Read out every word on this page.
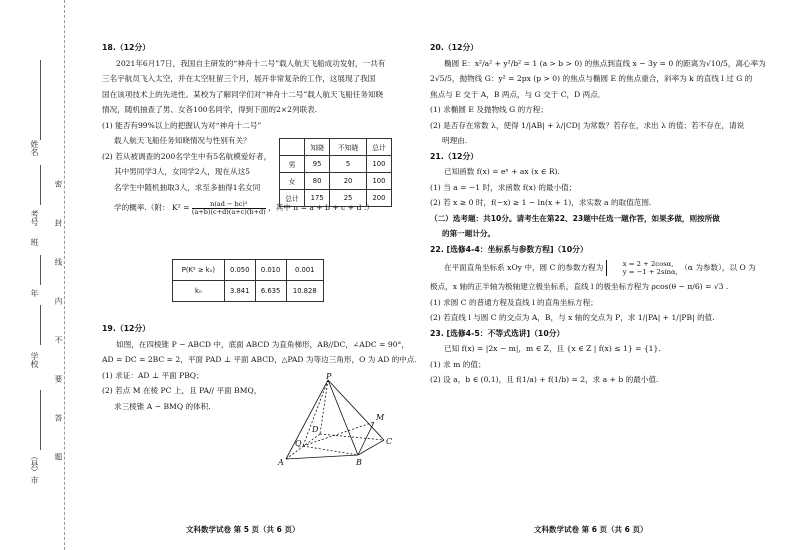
姓名
考号
班
年
学校
（县）市 密　封　线　内　不　要　答　题

18.（12分）

2021年6月17日，我国自主研发的“神舟十二号”载人航天飞船成功发射，一共有

三名宇航员飞入太空，并在太空驻留三个月，展开非常复杂的工作，这展现了我国

国在该项技术上的先进性。某校为了解同学们对“神舟十二号”载人航天飞船任务知晓

情况，随机抽查了男、女各100名同学，得到下面的2×2列联表.

(1) 能否有99%以上的把握认为对“神舟十二号”

载人航天飞船任务知晓情况与性别有关？

(2) 若从被调查的200名学生中有5名航模爱好者，

其中男同学3人，女同学2人，现在从这5

名学生中随机抽取3人，求至多抽得1名女同

学的概率.（附： $K^2 = \frac{\text{n(ad − bc)²}}{(a+b)(c+d)(a+c)(b+d)}$ ，其中 n = a + b + c + d .）

	知晓	不知晓	总计
男	95	5	100
女	80	20	100
总计	175	25	200
P(K² ≥ k₀)	0.050	0.010	0.001
k₀	3.841	6.635	10.828

19.（12分）

如图，在四棱锥 P − ABCD 中，底面 ABCD 为直角梯形，AB//DC，∠ADC = 90°，

AD = DC = 2BC = 2，平面 PAD ⊥ 平面 ABCD，△PAD 为等边三角形，O 为 AD 的中点.

(1) 求证：AD ⊥ 平面 PBQ；

(2) 若点 M 在棱 PC 上，且 PA// 平面 BMQ，

求三棱锥 A − BMQ 的体积.

P
M
D
Q	C
A	B
文科数学试卷 第 5 页（共 6 页）

20.（12分）

椭圆 E：x²/a² + y²/b² = 1 (a > b > 0) 的焦点到直线 x − 3y = 0 的距离为√10/5，离心率为

2√5/5，抛物线 G：y² = 2px (p > 0) 的焦点与椭圆 E 的焦点重合，斜率为 k 的直线 l 过 G 的

焦点与 E 交于 A，B 两点，与 G 交于 C，D 两点．

(1) 求椭圆 E 及抛物线 G 的方程；

(2) 是否存在常数 λ，使得 1/|AB| + λ/|CD| 为常数？若存在，求出 λ 的值；若不存在，请说

明理由.

21.（12分）

已知函数 f(x) = eˣ + ax (x ∈ R).

(1) 当 a = −1 时，求函数 f(x) 的最小值；

(2) 若 x ≥ 0 时，f(−x) ≥ 1 − ln(x + 1)，求实数 a 的取值范围.

（二）选考题：共10分。请考生在第22、23题中任选一题作答，如果多做，则按所做

的第一题计分。

22. [选修4-4：坐标系与参数方程]（10分）

在平面直角坐标系 xOy 中，圆 C 的参数方程为	x = 2 + 2cosα,
y = −1 + 2sinα, （α 为参数），以 O 为

极点，x 轴的正半轴为极轴建立极坐标系，直线 l 的极坐标方程为 ρcos(θ − π/6) = √3 .

(1) 求圆 C 的普通方程及直线 l 的直角坐标方程；

(2) 若直线 l 与圆 C 的交点为 A，B，与 x 轴的交点为 P，求 1/|PA| + 1/|PB| 的值.

23. [选修4-5：不等式选讲]（10分）

已知 f(x) = |2x − m|，m ∈ Z，且 {x ∈ Z | f(x) ≤ 1} = {1}.

(1) 求 m 的值；

(2) 设 a，b ∈ (0,1)，且 f(1/a) + f(1/b) = 2，求 a + b 的最小值.

文科数学试卷 第 6 页（共 6 页）
